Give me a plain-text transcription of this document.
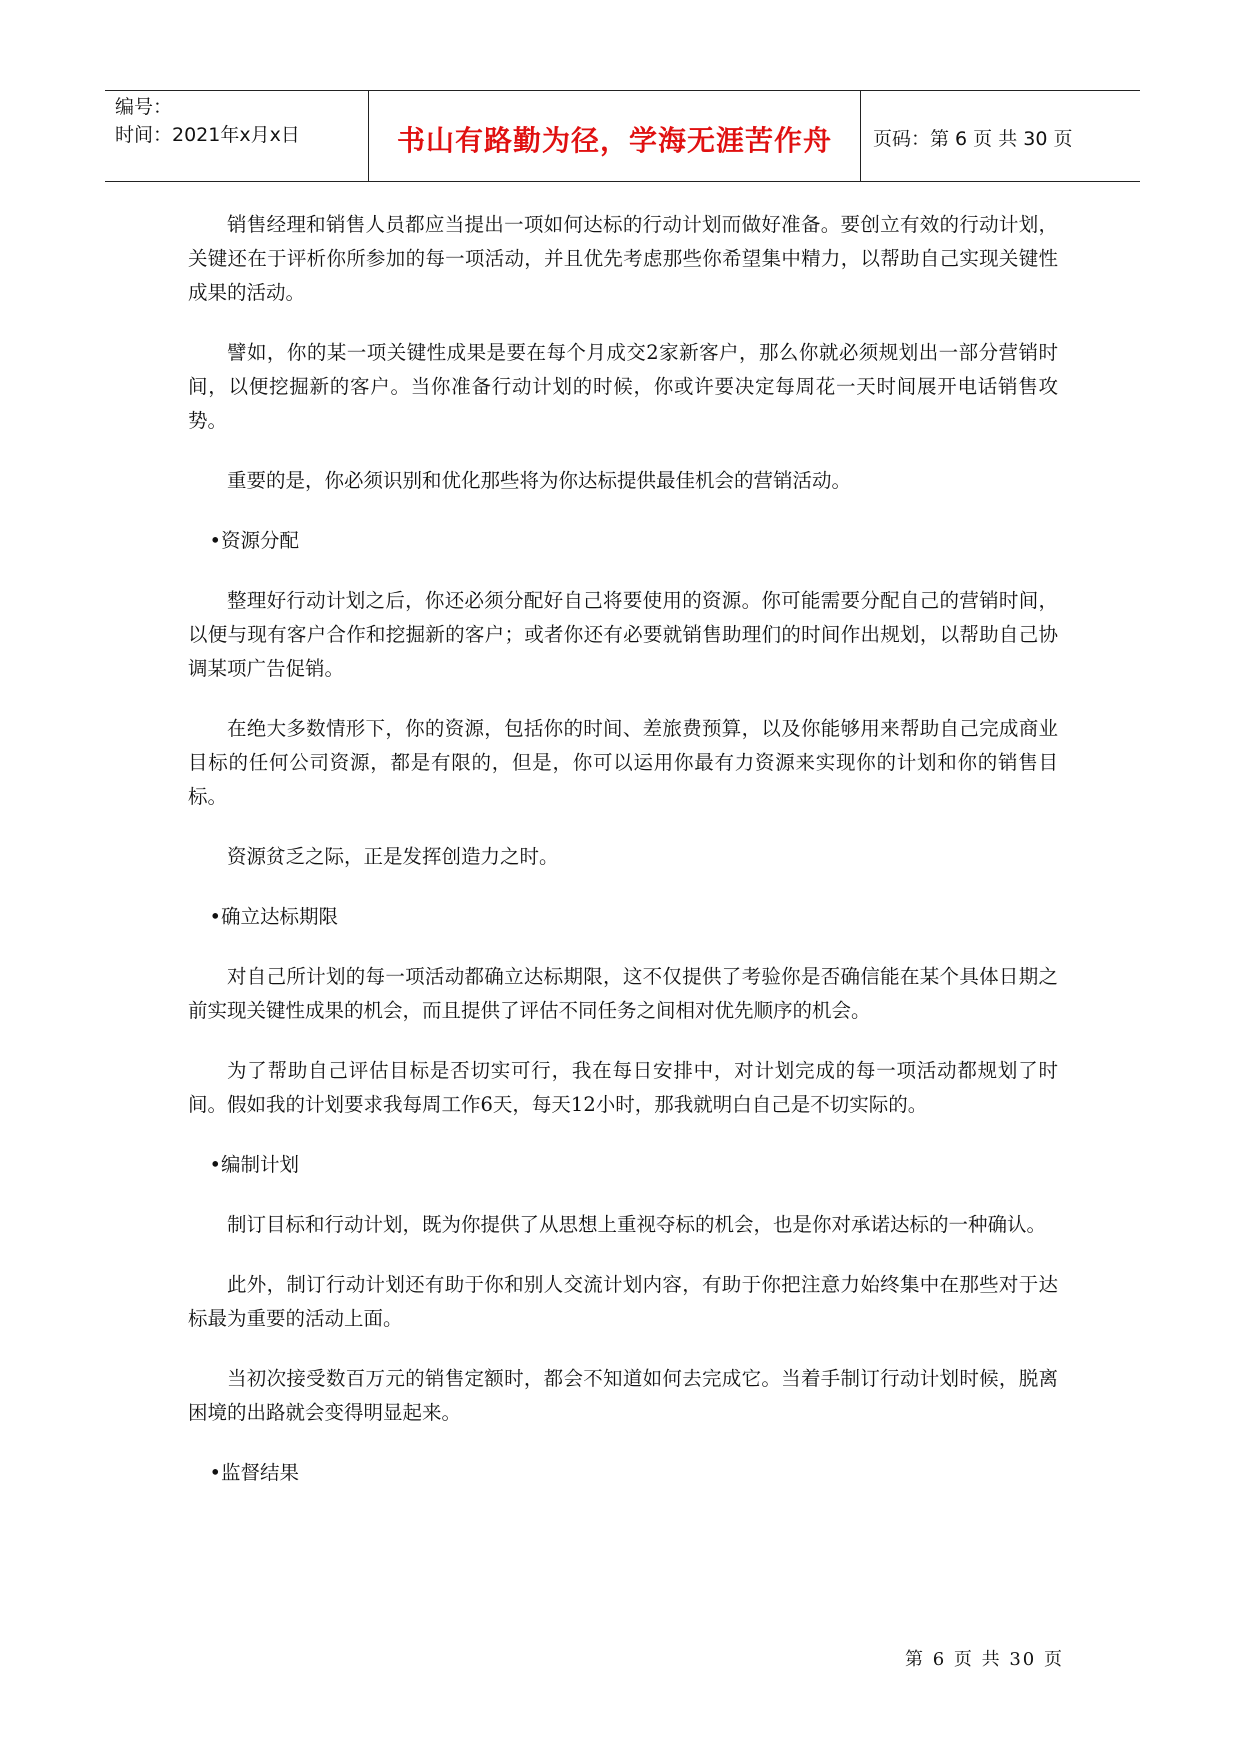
编号：
时间：2021年x月x日	书山有路勤为径，学海无涯苦作舟	页码：第 6 页 共 30 页

销售经理和销售人员都应当提出一项如何达标的行动计划而做好准备。要创立有效的行动计划，关键还在于评析你所参加的每一项活动，并且优先考虑那些你希望集中精力，以帮助自己实现关键性成果的活动。

譬如，你的某一项关键性成果是要在每个月成交2家新客户，那么你就必须规划出一部分营销时间，以便挖掘新的客户。当你准备行动计划的时候，你或许要决定每周花一天时间展开电话销售攻势。

重要的是，你必须识别和优化那些将为你达标提供最佳机会的营销活动。

•资源分配

整理好行动计划之后，你还必须分配好自己将要使用的资源。你可能需要分配自己的营销时间，以便与现有客户合作和挖掘新的客户；或者你还有必要就销售助理们的时间作出规划，以帮助自己协调某项广告促销。

在绝大多数情形下，你的资源，包括你的时间、差旅费预算，以及你能够用来帮助自己完成商业目标的任何公司资源，都是有限的，但是，你可以运用你最有力资源来实现你的计划和你的销售目标。

资源贫乏之际，正是发挥创造力之时。

•确立达标期限

对自己所计划的每一项活动都确立达标期限，这不仅提供了考验你是否确信能在某个具体日期之前实现关键性成果的机会，而且提供了评估不同任务之间相对优先顺序的机会。

为了帮助自己评估目标是否切实可行，我在每日安排中，对计划完成的每一项活动都规划了时间。假如我的计划要求我每周工作6天，每天12小时，那我就明白自己是不切实际的。

•编制计划

制订目标和行动计划，既为你提供了从思想上重视夺标的机会，也是你对承诺达标的一种确认。

此外，制订行动计划还有助于你和别人交流计划内容，有助于你把注意力始终集中在那些对于达标最为重要的活动上面。

当初次接受数百万元的销售定额时，都会不知道如何去完成它。当着手制订行动计划时候，脱离困境的出路就会变得明显起来。

•监督结果

第 6 页 共 30 页
